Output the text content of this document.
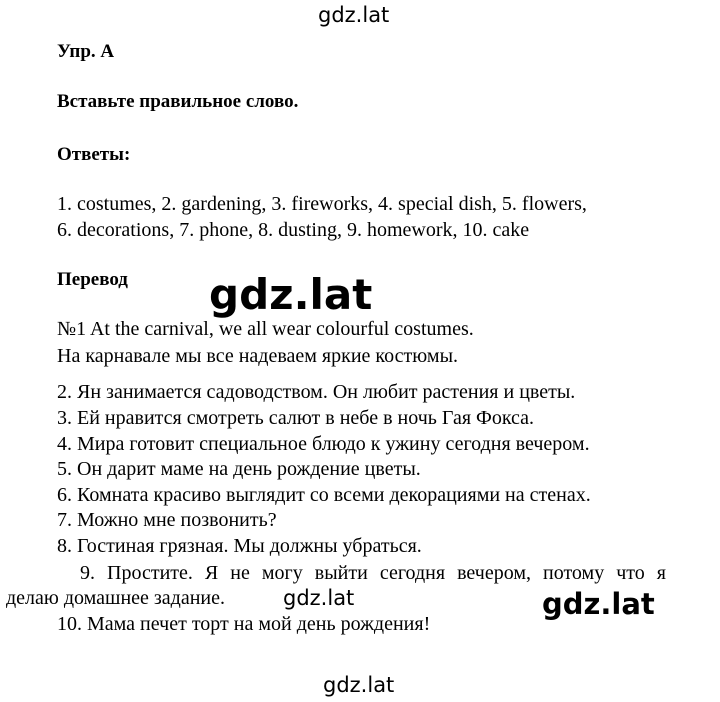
gdz.lat
Упр. A
Вставьте правильное слово.
Ответы:
1. costumes, 2. gardening, 3. fireworks, 4. special dish, 5. flowers,
6. decorations, 7. phone, 8. dusting, 9. homework, 10. cake
Перевод
№1 At the carnival, we all wear colourful costumes.
На карнавале мы все надеваем яркие костюмы.
2. Ян занимается садоводством. Он любит растения и цветы.
3. Ей нравится смотреть салют в небе в ночь Гая Фокса.
4. Мира готовит специальное блюдо к ужину сегодня вечером.
5. Он дарит маме на день рождение цветы.
6. Комната красиво выглядит со всеми декорациями на стенах.
7. Можно мне позвонить?
8. Гостиная грязная. Мы должны убраться.
9. Простите. Я не могу выйти сегодня вечером, потому что я
делаю домашнее задание.
10. Мама печет торт на мой день рождения!
gdz.lat
gdz.lat	gdz.lat
gdz.lat
